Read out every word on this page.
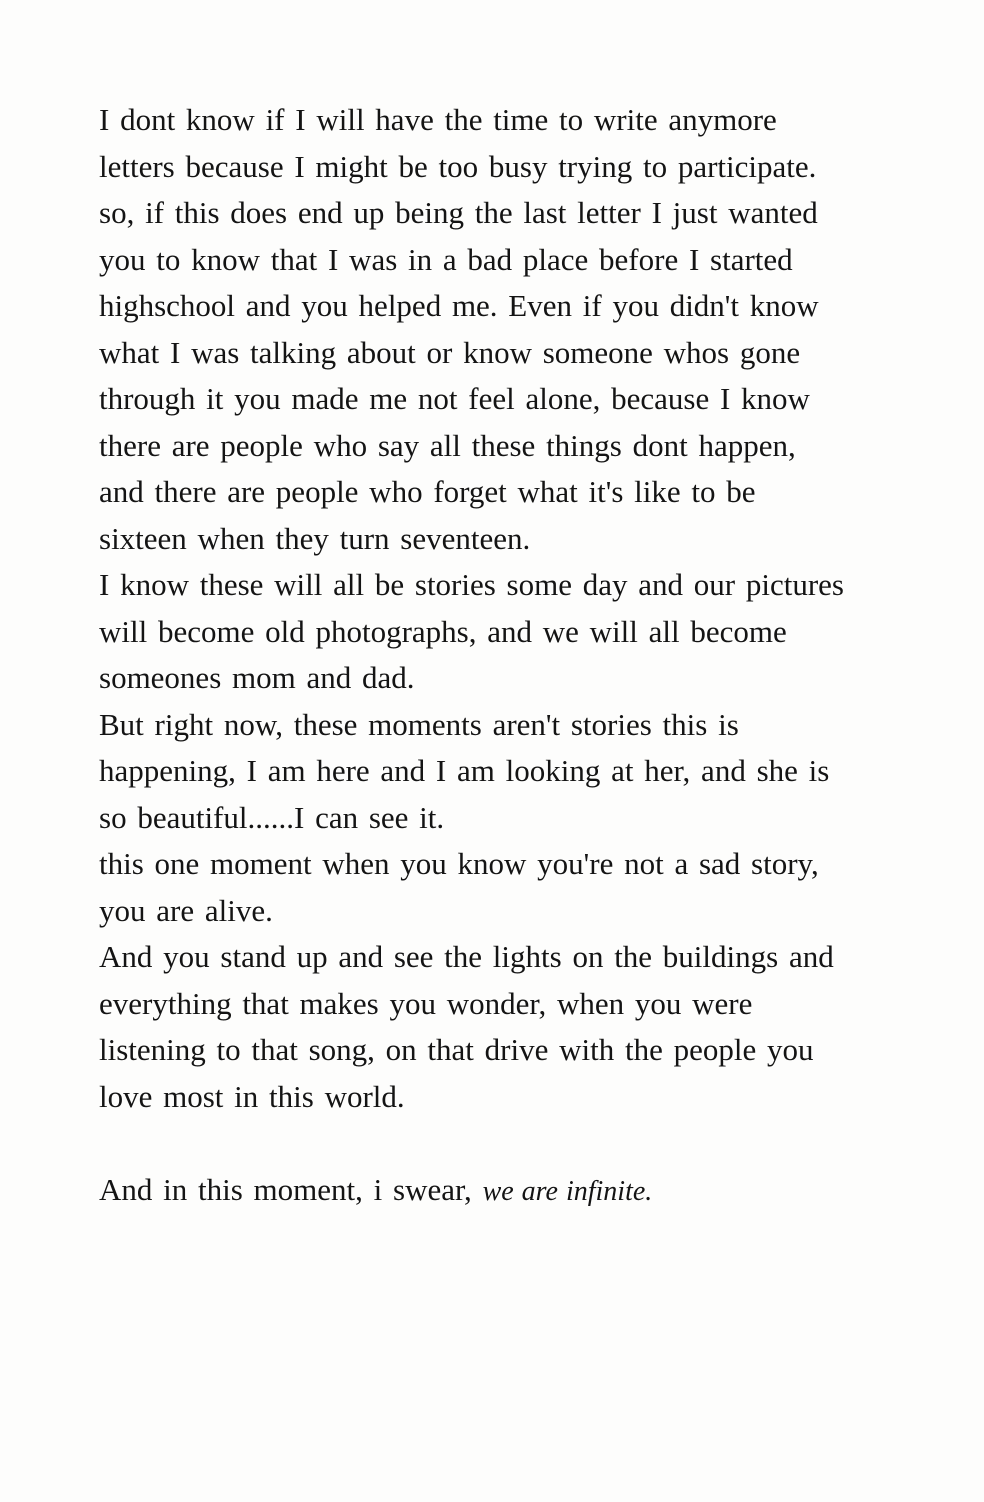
I dont know if I will have the time to write anymore
letters because I might be too busy trying to participate.
so, if this does end up being the last letter I just wanted
you to know that I was in a bad place before I started
highschool and you helped me. Even if you didn't know
what I was talking about or know someone whos gone
through it you made me not feel alone, because I know
there are people who say all these things dont happen,
and there are people who forget what it's like to be
sixteen when they turn seventeen.
I know these will all be stories some day and our pictures
will become old photographs, and we will all become
someones mom and dad.
But right now, these moments aren't stories this is
happening, I am here and I am looking at her, and she is
so beautiful......I can see it.
this one moment when you know you're not a sad story,
you are alive.
And you stand up and see the lights on the buildings and
everything that makes you wonder, when you were
listening to that song, on that drive with the people you
love most in this world.
And in this moment, i swear, we are infinite.
